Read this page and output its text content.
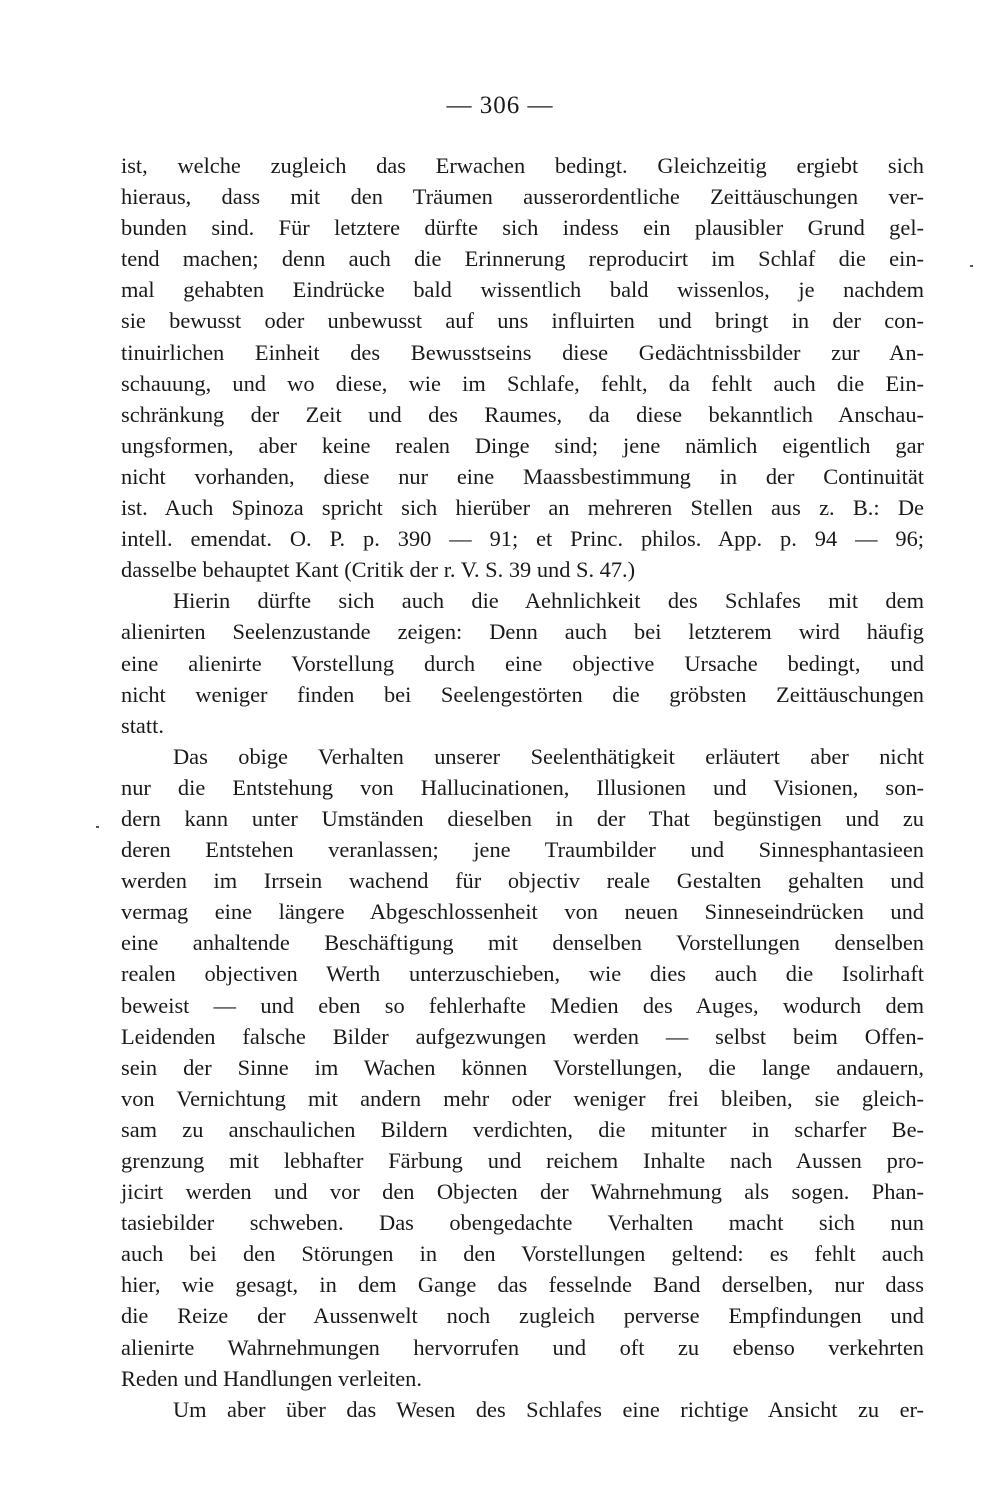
— 306 —
ist, welche zugleich das Erwachen bedingt. Gleichzeitig ergiebt sich
hieraus, dass mit den Träumen ausserordentliche Zeittäuschungen ver-
bunden sind. Für letztere dürfte sich indess ein plausibler Grund gel-
tend machen; denn auch die Erinnerung reproducirt im Schlaf die ein-
mal gehabten Eindrücke bald wissentlich bald wissenlos, je nachdem
sie bewusst oder unbewusst auf uns influirten und bringt in der con-
tinuirlichen Einheit des Bewusstseins diese Gedächtnissbilder zur An-
schauung, und wo diese, wie im Schlafe, fehlt, da fehlt auch die Ein-
schränkung der Zeit und des Raumes, da diese bekanntlich Anschau-
ungsformen, aber keine realen Dinge sind; jene nämlich eigentlich gar
nicht vorhanden, diese nur eine Maassbestimmung in der Continuität
ist. Auch Spinoza spricht sich hierüber an mehreren Stellen aus z. B.: De
intell. emendat. O. P. p. 390 — 91; et Princ. philos. App. p. 94 — 96;
dasselbe behauptet Kant (Critik der r. V. S. 39 und S. 47.)
Hierin dürfte sich auch die Aehnlichkeit des Schlafes mit dem
alienirten Seelenzustande zeigen: Denn auch bei letzterem wird häufig
eine alienirte Vorstellung durch eine objective Ursache bedingt, und
nicht weniger finden bei Seelengestörten die gröbsten Zeittäuschungen
statt.
Das obige Verhalten unserer Seelenthätigkeit erläutert aber nicht
nur die Entstehung von Hallucinationen, Illusionen und Visionen, son-
dern kann unter Umständen dieselben in der That begünstigen und zu
deren Entstehen veranlassen; jene Traumbilder und Sinnesphantasieen
werden im Irrsein wachend für objectiv reale Gestalten gehalten und
vermag eine längere Abgeschlossenheit von neuen Sinneseindrücken und
eine anhaltende Beschäftigung mit denselben Vorstellungen denselben
realen objectiven Werth unterzuschieben, wie dies auch die Isolirhaft
beweist — und eben so fehlerhafte Medien des Auges, wodurch dem
Leidenden falsche Bilder aufgezwungen werden — selbst beim Offen-
sein der Sinne im Wachen können Vorstellungen, die lange andauern,
von Vernichtung mit andern mehr oder weniger frei bleiben, sie gleich-
sam zu anschaulichen Bildern verdichten, die mitunter in scharfer Be-
grenzung mit lebhafter Färbung und reichem Inhalte nach Aussen pro-
jicirt werden und vor den Objecten der Wahrnehmung als sogen. Phan-
tasiebilder schweben. Das obengedachte Verhalten macht sich nun
auch bei den Störungen in den Vorstellungen geltend: es fehlt auch
hier, wie gesagt, in dem Gange das fesselnde Band derselben, nur dass
die Reize der Aussenwelt noch zugleich perverse Empfindungen und
alienirte Wahrnehmungen hervorrufen und oft zu ebenso verkehrten
Reden und Handlungen verleiten.
Um aber über das Wesen des Schlafes eine richtige Ansicht zu er-
